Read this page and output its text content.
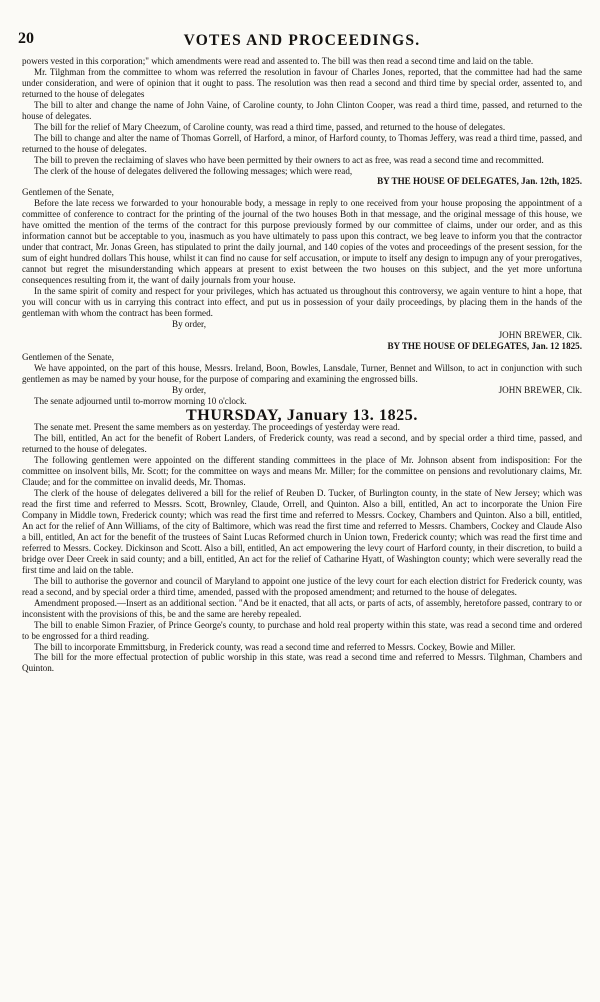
20	VOTES AND PROCEEDINGS.

powers vested in this corporation;" which amendments were read and assented to. The bill was then read a second time and laid on the table.

Mr. Tilghman from the committee to whom was referred the resolution in favour of Charles Jones, reported, that the committee had had the same under consideration, and were of opinion that it ought to pass. The resolution was then read a second and third time by special order, assented to, and returned to the house of delegates

The bill to alter and change the name of John Vaine, of Caroline county, to John Clinton Cooper, was read a third time, passed, and returned to the house of delegates.

The bill for the relief of Mary Cheezum, of Caroline county, was read a third time, passed, and returned to the house of delegates.

The bill to change and alter the name of Thomas Gorrell, of Harford, a minor, of Harford county, to Thomas Jeffery, was read a third time, passed, and returned to the house of delegates.

The bill to preven the reclaiming of slaves who have been permitted by their owners to act as free, was read a second time and recommitted.

The clerk of the house of delegates delivered the following messages; which were read,

BY THE HOUSE OF DELEGATES, Jan. 12th, 1825.

Gentlemen of the Senate,

Before the late recess we forwarded to your honourable body, a message in reply to one received from your house proposing the appointment of a committee of conference to contract for the printing of the journal of the two houses Both in that message, and the original message of this house, we have omitted the mention of the terms of the contract for this purpose previously formed by our committee of claims, under our order, and as this information cannot but be acceptable to you, inasmuch as you have ultimately to pass upon this contract, we beg leave to inform you that the contractor under that contract, Mr. Jonas Green, has stipulated to print the daily journal, and 140 copies of the votes and proceedings of the present session, for the sum of eight hundred dollars This house, whilst it can find no cause for self accusation, or impute to itself any design to impugn any of your prerogatives, cannot but regret the misunderstanding which appears at present to exist between the two houses on this subject, and the yet more unfortuna consequences resulting from it, the want of daily journals from your house.

In the same spirit of comity and respect for your privileges, which has actuated us throughout this controversy, we again venture to hint a hope, that you will concur with us in carrying this contract into effect, and put us in possession of your daily proceedings, by placing them in the hands of the gentleman with whom the contract has been formed.

By order,

JOHN BREWER, Clk.

BY THE HOUSE OF DELEGATES, Jan. 12 1825.

Gentlemen of the Senate,

We have appointed, on the part of this house, Messrs. Ireland, Boon, Bowles, Lansdale, Turner, Bennet and Willson, to act in conjunction with such gentlemen as may be named by your house, for the purpose of comparing and examining the engrossed bills.

By order,	JOHN BREWER, Clk.

The senate adjourned until to-morrow morning 10 o'clock.

THURSDAY, January 13. 1825.

The senate met. Present the same members as on yesterday. The proceedings of yesterday were read.

The bill, entitled, An act for the benefit of Robert Landers, of Frederick county, was read a second, and by special order a third time, passed, and returned to the house of delegates.

The following gentlemen were appointed on the different standing committees in the place of Mr. Johnson absent from indisposition: For the committee on insolvent bills, Mr. Scott; for the committee on ways and means Mr. Miller; for the committee on pensions and revolutionary claims, Mr. Claude; and for the committee on invalid deeds, Mr. Thomas.

The clerk of the house of delegates delivered a bill for the relief of Reuben D. Tucker, of Burlington county, in the state of New Jersey; which was read the first time and referred to Messrs. Scott, Brownley, Claude, Orrell, and Quinton. Also a bill, entitled, An act to incorporate the Union Fire Company in Middle town, Frederick county; which was read the first time and referred to Messrs. Cockey, Chambers and Quinton. Also a bill, entitled, An act for the relief of Ann Williams, of the city of Baltimore, which was read the first time and referred to Messrs. Chambers, Cockey and Claude Also a bill, entitled, An act for the benefit of the trustees of Saint Lucas Reformed church in Union town, Frederick county; which was read the first time and referred to Messrs. Cockey. Dickinson and Scott. Also a bill, entitled, An act empowering the levy court of Harford county, in their discretion, to build a bridge over Deer Creek in said county; and a bill, entitled, An act for the relief of Catharine Hyatt, of Washington county; which were severally read the first time and laid on the table.

The bill to authorise the governor and council of Maryland to appoint one justice of the levy court for each election district for Frederick county, was read a second, and by special order a third time, amended, passed with the proposed amendment; and returned to the house of delegates.

Amendment proposed.—Insert as an additional section. "And be it enacted, that all acts, or parts of acts, of assembly, heretofore passed, contrary to or inconsistent with the provisions of this, be and the same are hereby repealed.

The bill to enable Simon Frazier, of Prince George's county, to purchase and hold real property within this state, was read a second time and ordered to be engrossed for a third reading.

The bill to incorporate Emmittsburg, in Frederick county, was read a second time and referred to Messrs. Cockey, Bowie and Miller.

The bill for the more effectual protection of public worship in this state, was read a second time and referred to Messrs. Tilghman, Chambers and Quinton.
